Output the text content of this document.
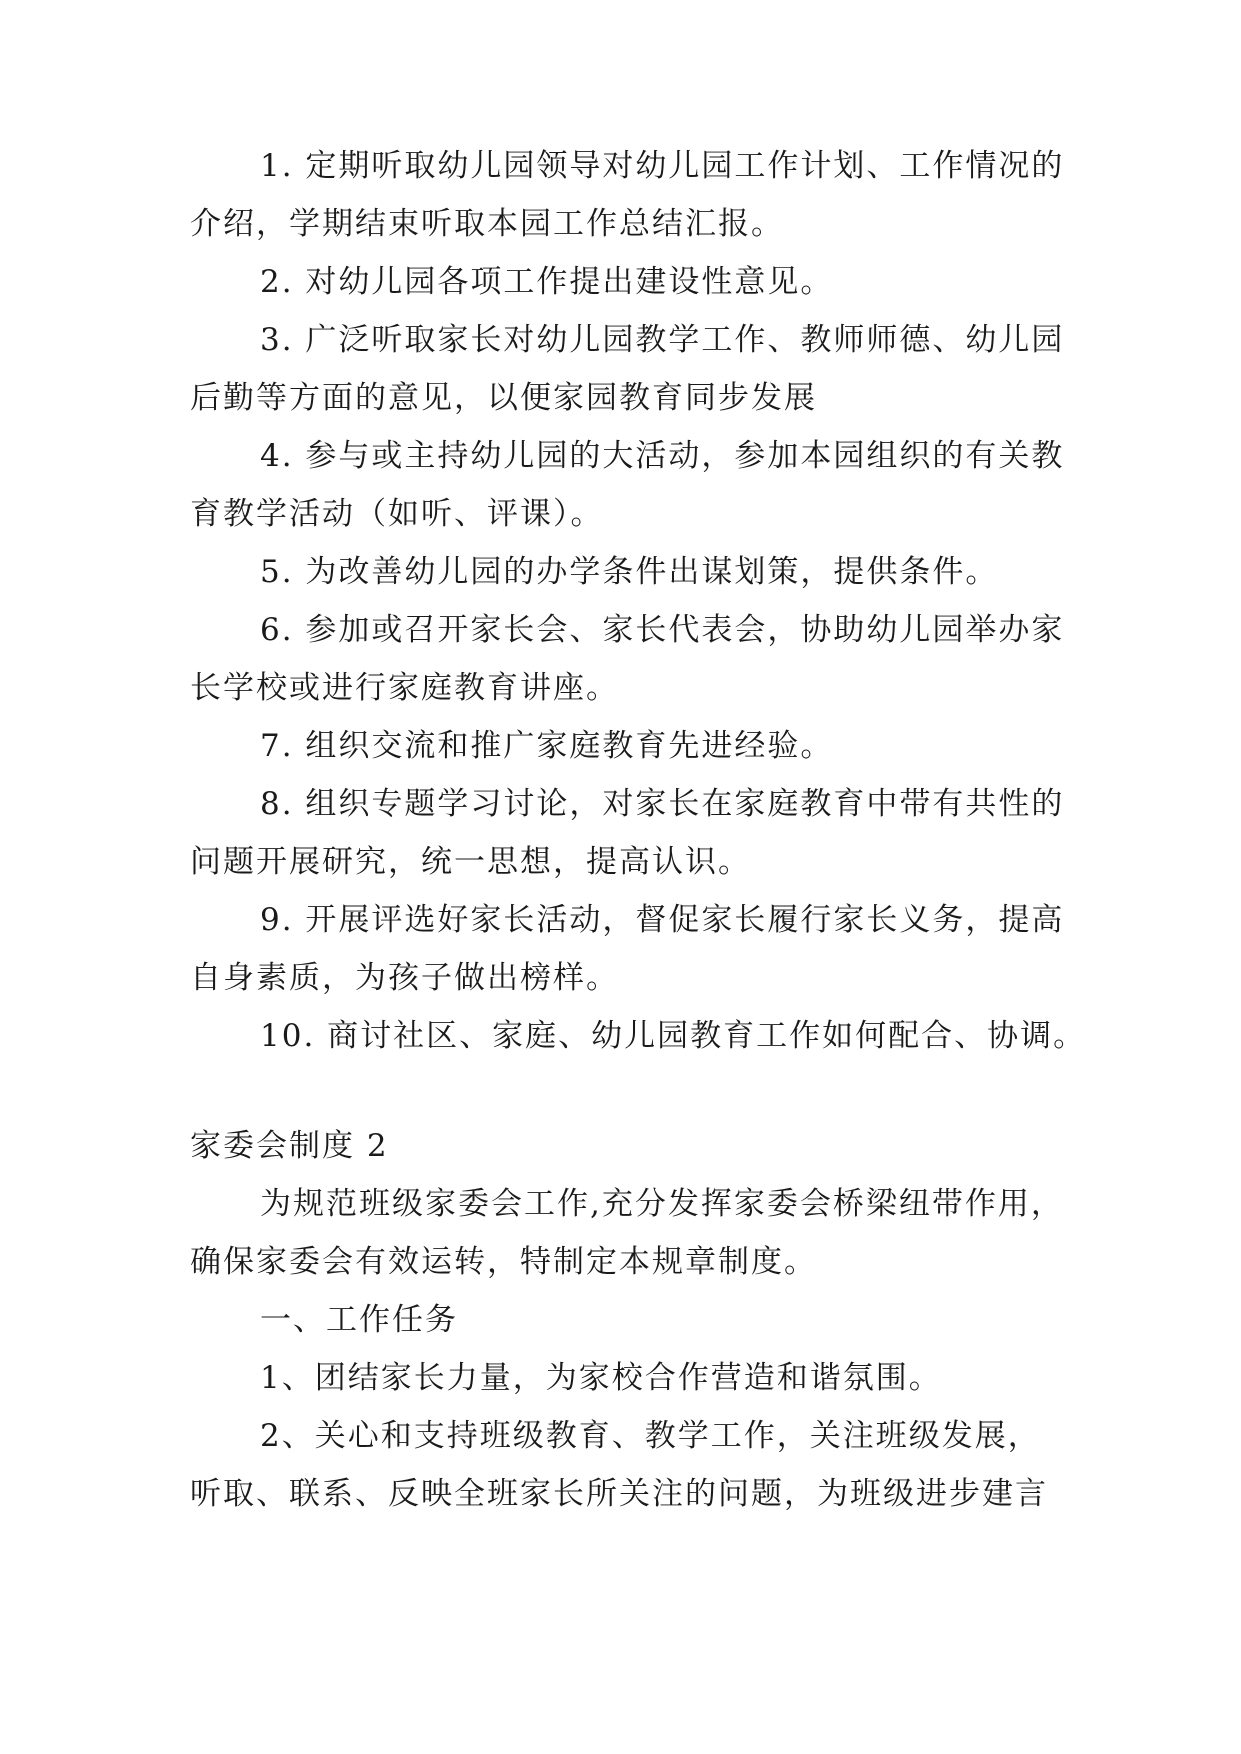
1. 定期听取幼儿园领导对幼儿园工作计划、工作情况的
介绍，学期结束听取本园工作总结汇报。
2. 对幼儿园各项工作提出建设性意见。
3. 广泛听取家长对幼儿园教学工作、教师师德、幼儿园
后勤等方面的意见，以便家园教育同步发展
4. 参与或主持幼儿园的大活动，参加本园组织的有关教
育教学活动（如听、评课）。
5. 为改善幼儿园的办学条件出谋划策，提供条件。
6. 参加或召开家长会、家长代表会，协助幼儿园举办家
长学校或进行家庭教育讲座。
7. 组织交流和推广家庭教育先进经验。
8. 组织专题学习讨论，对家长在家庭教育中带有共性的
问题开展研究，统一思想，提高认识。
9. 开展评选好家长活动，督促家长履行家长义务，提高
自身素质，为孩子做出榜样。
10. 商讨社区、家庭、幼儿园教育工作如何配合、协调。
家委会制度 2
为规范班级家委会工作,充分发挥家委会桥梁纽带作用，
确保家委会有效运转，特制定本规章制度。
一、工作任务
1、团结家长力量，为家校合作营造和谐氛围。
2、关心和支持班级教育、教学工作，关注班级发展，
听取、联系、反映全班家长所关注的问题，为班级进步建言
